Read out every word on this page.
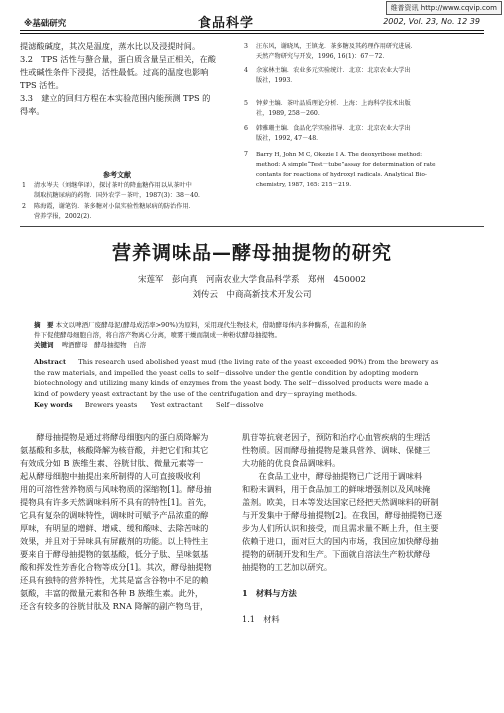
维普资讯 http://www.cqvip.com
※基础研究	食品科学	2002, Vol. 23, No. 12 39
提滤酸碱度，其次是温度，蒸水比以及浸提时间。
3.2　TPS 活性与螯合量，蛋白质含量呈正相关，在酸
性或碱性条件下浸提，活性最低。过高的温度也影响
TPS 活性。
3.3　建立的回归方程在本实验范围内能预测 TPS 的
得率。
参考文献
1 清水岑夫（刘继华译），探讨茶叶的降血糖作用以从茶叶中
制取抗糖尿病的药物．国外农学－茶叶，1987(3)：38－40．
2 陈海霞，谢笔钧．茶多糖对小鼠实验性糖尿病的防治作用．
营养学报，2002(2)．
3 汪东风，谢晓凤，王镇龙．茶多糖及其药理作用研究进展．
天然产物研究与开发，1996, 16(1)：67－72．
4 余家林主编．农业多元实验统计．北京：北京农业大学出
版社，1993．
5 钟萝主编．茶叶品质理论分析．上海：上海科学技术出版
社，1989, 258－260．
6 韩雅珊主编．食品化学实验指导．北京：北京农业大学出
版社，1992, 47－48．
7 Barry H, John M C, Okezie I A. The deoxyribose method:
method: A simple“Test－tube”assay for determination of rate
contants for reactions of hydroxyl radicals. Analytical Bio-
chemistry, 1987, 165: 215－219.
营养调味品—酵母抽提物的研究
宋莲军　彭向真　河南农业大学食品科学系　郑州　450002
刘传云　中商高新技术开发公司
摘　要 本文以啤酒厂废酵母泥(酵母成活率>90%)为原料，采用现代生物技术，借助酵母体内多种酶系，在温和的条
件下促使酵母细胞自溶，将自溶产物离心分离，喷雾干燥而制成一种粉状酵母抽提物。
关键词 啤酒酵母　酵母抽提物　自溶
Abstract This research used abolished yeast mud (the living rate of the yeast exceeded 90%) from the brewery as
the raw materials, and impelled the yeast cells to self－dissolve under the gentle condition by adopting modern
biotechnology and utilizing many kinds of enzymes from the yeast body. The self－dissolved products were made a
kind of powdery yeast extractant by the use of the centrifugation and dry－spraying methods.
Key words Brewers yeasts　　Yest extractant　　Self－dissolve
酵母抽提物是通过将酵母细胞内的蛋白质降解为
氨基酸和多肽，核酸降解为核苷酸，并把它们和其它
有效成分如 B 族维生素、谷胱甘肽、微量元素等一
起从酵母细胞中抽提出来所制得的人可直接吸收利
用的可溶性营养物质与风味物质的深缩物[1]。酵母抽
提物具有许多天然调味料所不具有的特性[1]。首先，
它具有复杂的调味特性，调味时可赋予产品浓重的醇
厚味，有明显的增鲜、增咸、缓和酸味、去除苦味的
效果，并且对于异味具有屏蔽剂的功能。以上特性主
要来自于酵母抽提物的氨基酸，低分子肽、呈味氨基
酸和挥发性芳香化合物等成分[1]。其次，酵母抽提物
还具有独特的营养特性，尤其是富含谷物中不足的赖
氨酸，丰富的微量元素和各种 B 族维生素。此外，
还含有较多的谷胱甘肽及 RNA 降解的副产物鸟苷，
肌苷等抗衰老因子，预防和治疗心血管疾病的生理活
性物质。因而酵母抽提物是兼具营养、调味、保健三
大功能的优良食品调味料。
在食品工业中，酵母抽提物已广泛用于调味料
和粉末调料，用于食品加工的鲜味增强剂以及风味掩
盖剂。欧美，日本等发达国家已经把天然调味料的研制
与开发集中于酵母抽提物[2]。在我国，酵母抽提物已逐
步为人们所认识和接受，而且需求量不断上升，但主要
依赖于进口，面对巨大的国内市场，我国应加快酵母抽
提物的研制开发和生产。下面就自溶法生产粉状酵母
抽提物的工艺加以研究。
1　材料与方法
1.1　材料
